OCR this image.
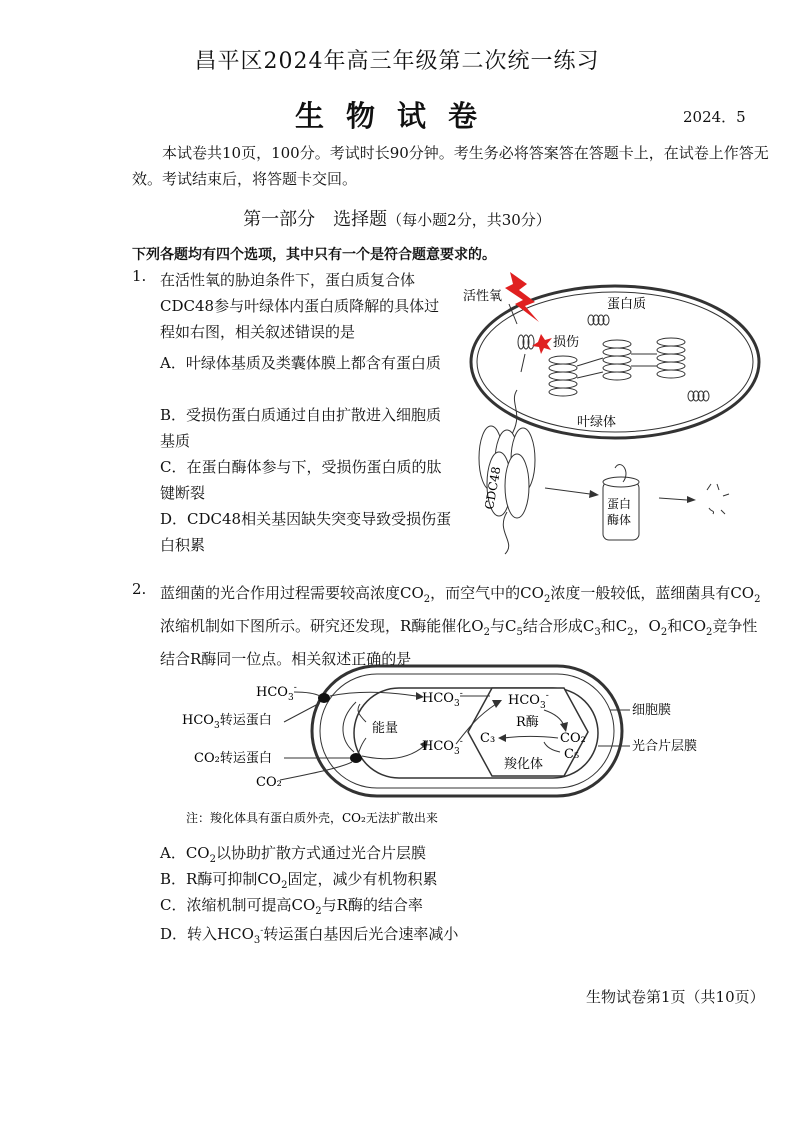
昌平区2024年高三年级第二次统一练习
生物试卷	2024．5
本试卷共10页，100分。考试时长90分钟。考生务必将答案答在答题卡上，在试卷上作答无效。考试结束后，将答题卡交回。
第一部分　选择题（每小题2分，共30分）
下列各题均有四个选项，其中只有一个是符合题意要求的。
1. 在活性氧的胁迫条件下，蛋白质复合体CDC48参与叶绿体内蛋白质降解的具体过程如右图，相关叙述错误的是
A．叶绿体基质及类囊体膜上都含有蛋白质
B．受损伤蛋白质通过自由扩散进入细胞质基质
C．在蛋白酶体参与下，受损伤蛋白质的肽键断裂
D．CDC48相关基因缺失突变导致受损伤蛋白积累
活性氧
蛋白质
损伤
叶绿体
CDC48	蛋白
酶体
2. 蓝细菌的光合作用过程需要较高浓度$CO_2$，而空气中的$CO_2$浓度一般较低，蓝细菌具有$CO_2$浓缩机制如下图所示。研究还发现，R酶能催化$O_2$与$C_5$结合形成$C_3$和$C_2$，$O_2$和$CO_2$竞争性结合R酶同一位点。相关叙述正确的是
$HCO_3^-$
$HCO_3$转运蛋白
CO₂转运蛋白
CO₂
能量
$HCO_3^-$
$HCO_3^-$
$HCO_3^-$
R酶
CO₂
C₅
C₃
羧化体
细胞膜
光合片层膜
注：羧化体具有蛋白质外壳，CO₂无法扩散出来
A．$CO_2$以协助扩散方式通过光合片层膜
B．R酶可抑制$CO_2$固定，减少有机物积累
C．浓缩机制可提高$CO_2$与R酶的结合率
D．转入$HCO_3^-$转运蛋白基因后光合速率减小
生物试卷第1页（共10页）
